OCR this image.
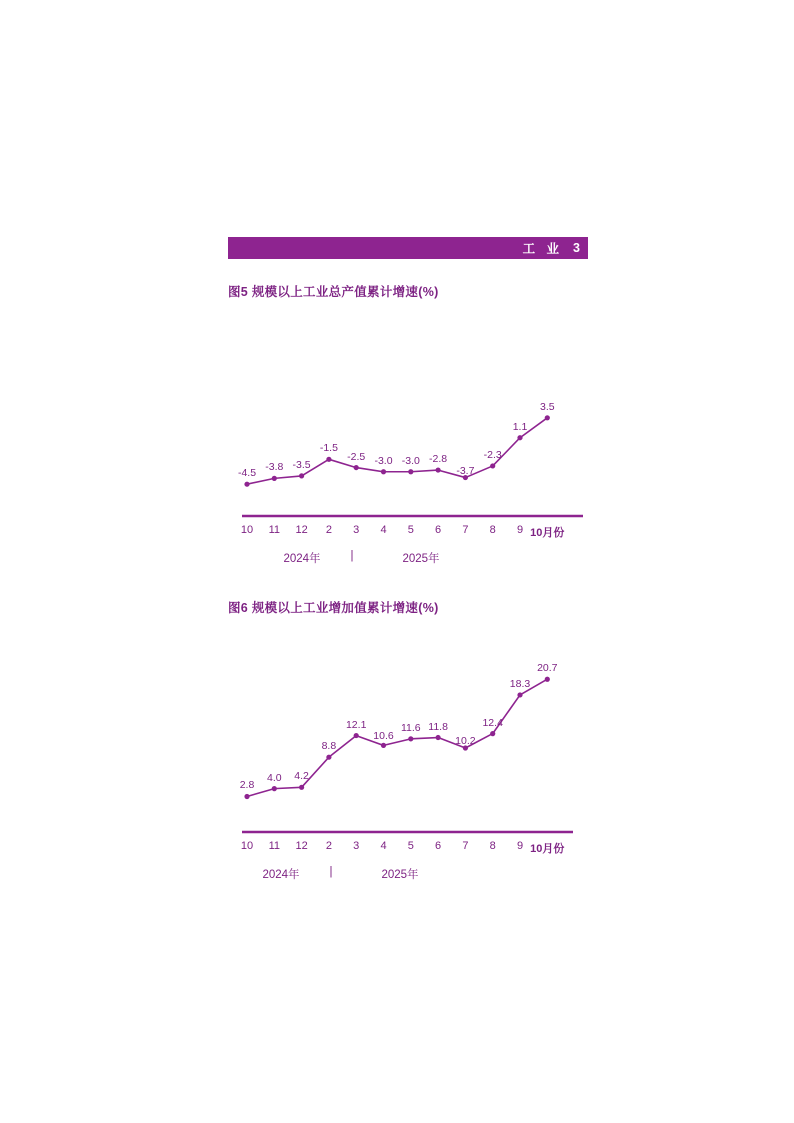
工 业 3
图5 规模以上工业总产值累计增速(%)
10 11 12 2 3 4 5 6 7 8 9 10月份
2024年	|	2025年
-4.5 -3.8 -3.5
-1.5
-2.5 -3.0 -3.0 -2.8
-3.7
-2.3
1.1
3.5
图6 规模以上工业增加值累计增速(%)
10 11 12 2 3 4 5 6 7 8 9 10月份
2024年	|	2025年
2.8
4.0 4.2
8.8
12.1
10.6
11.6 11.8
10.2
12.4
18.3
20.7
